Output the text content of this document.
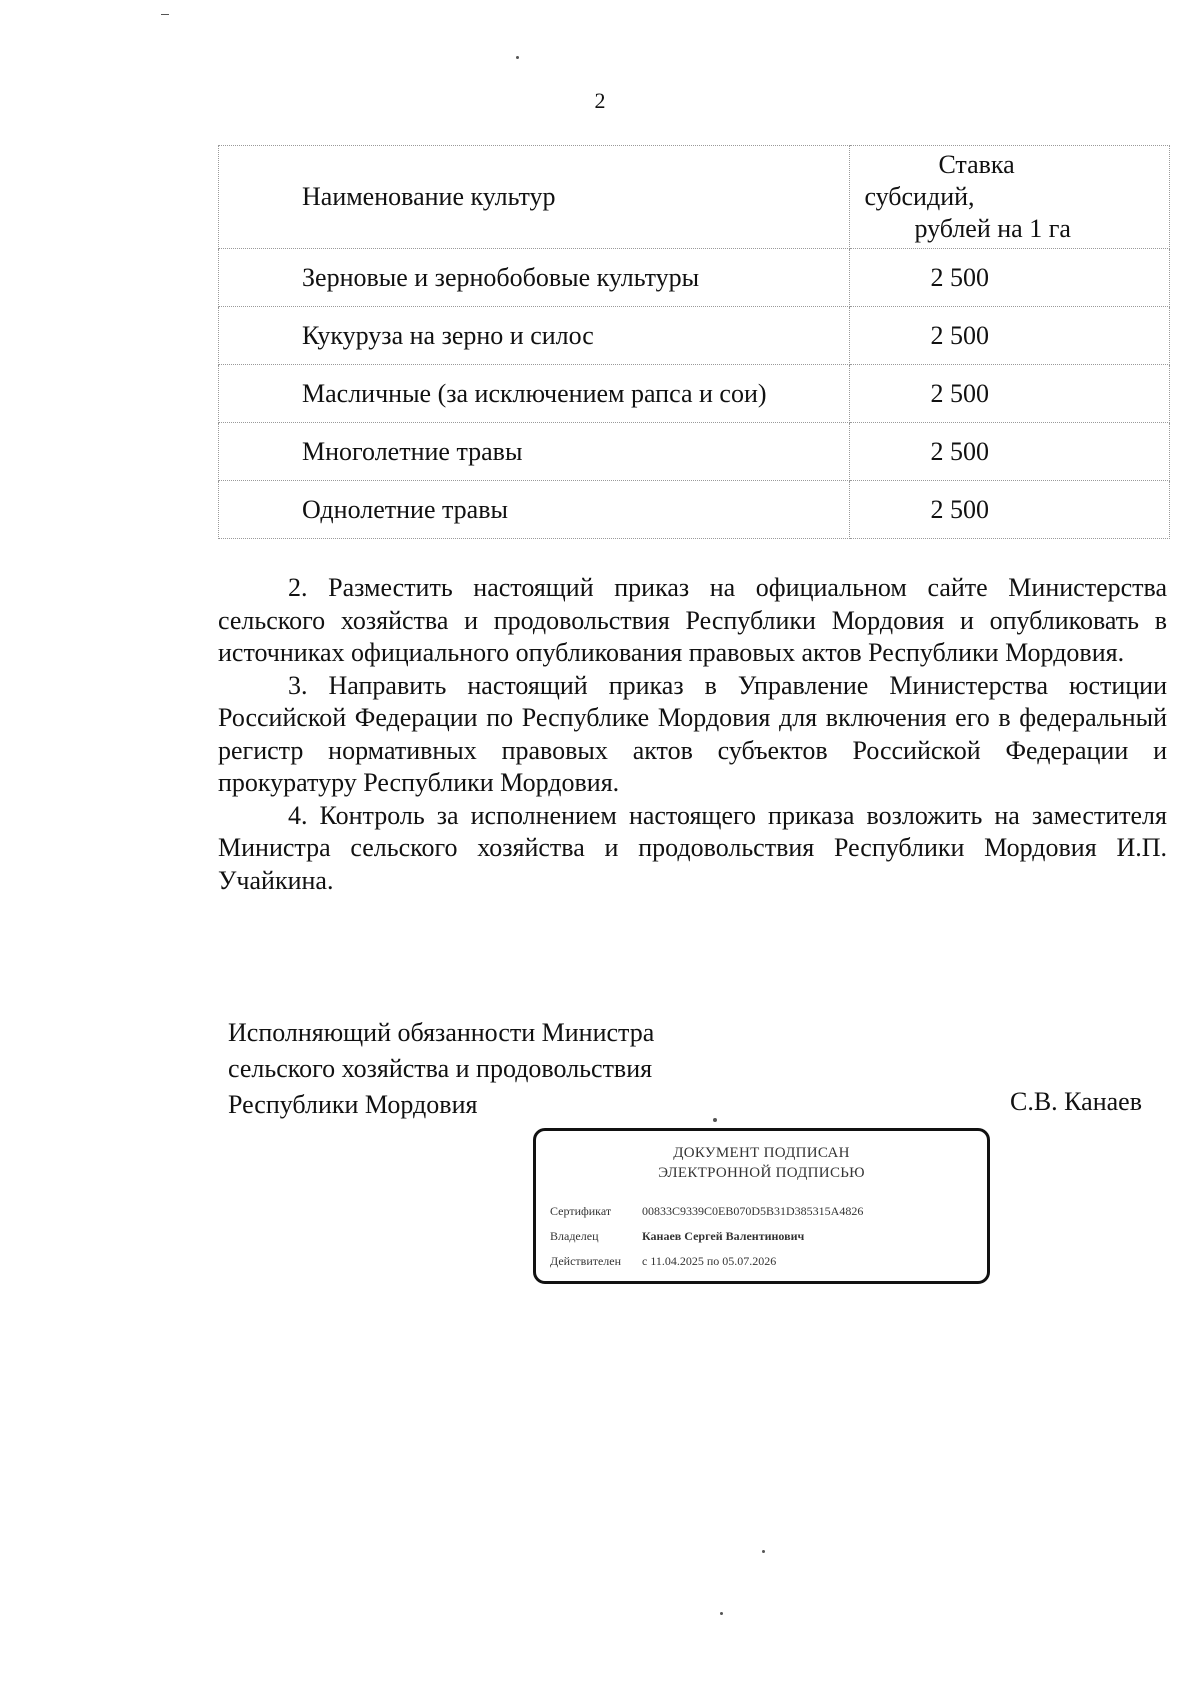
2
Наименование культур	Ставка
субсидий,
рублей на 1 га

Зерновые и зернобобовые культуры	2 500
Кукуруза на зерно и силос	2 500
Масличные (за исключением рапса и сои)	2 500
Многолетние травы	2 500
Однолетние травы	2 500

2. Разместить настоящий приказ на официальном сайте Министерства сельского хозяйства и продовольствия Республики Мордовия и опубликовать в источниках официального опубликования правовых актов Республики Мордовия.

3. Направить настоящий приказ в Управление Министерства юстиции Российской Федерации по Республике Мордовия для включения его в федеральный регистр нормативных правовых актов субъектов Российской Федерации и прокуратуру Республики Мордовия.

4. Контроль за исполнением настоящего приказа возложить на заместителя Министра сельского хозяйства и продовольствия Республики Мордовия И.П. Учайкина.

Исполняющий обязанности Министра
сельского хозяйства и продовольствия
Республики Мордовия	С.В. Канаев
ДОКУМЕНТ ПОДПИСАН
ЭЛЕКТРОННОЙ ПОДПИСЬЮ
Сертификат	00833C9339C0EB070D5B31D385315A4826
Владелец	Канаев Сергей Валентинович
Действителен с 11.04.2025 по 05.07.2026
